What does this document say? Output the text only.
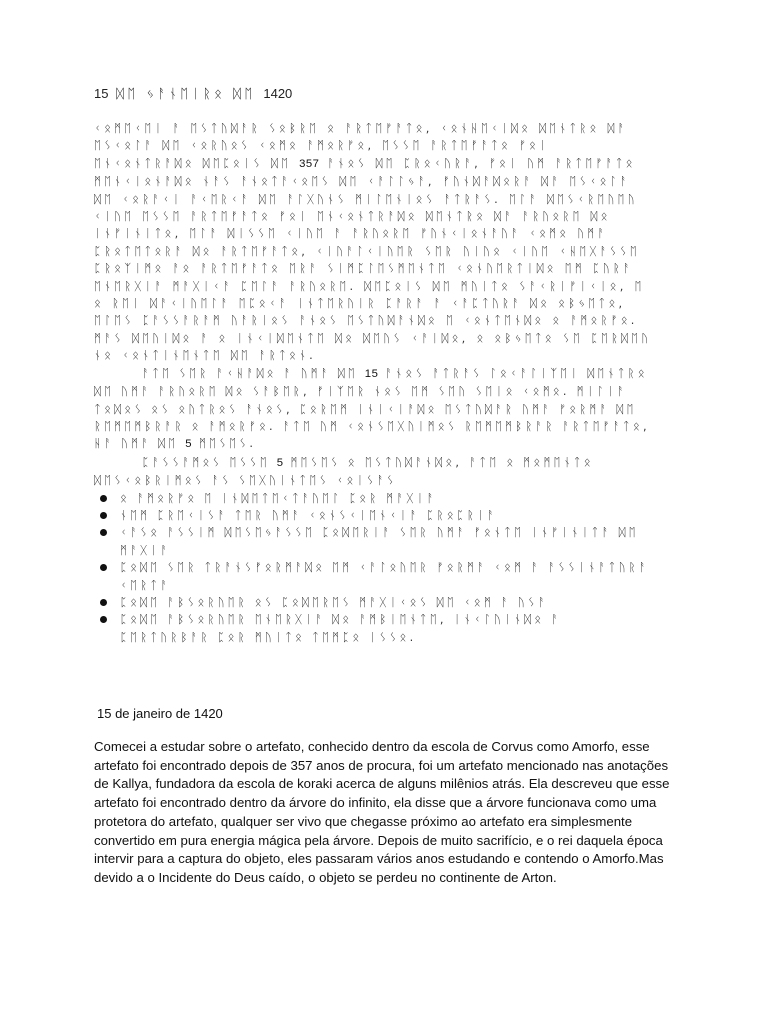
15 ᛞᛖ ᛃᚨᚾᛖᛁᚱᛟ ᛞᛖ 1420

ᚲᛟᛗᛖᚲᛖᛁ ᚨ ᛖᛊᛏᚢᛞᚨᚱ ᛊᛟᛒᚱᛖ ᛟ ᚨᚱᛏᛖᚠᚨᛏᛟ, ᚲᛟᚾᚺᛖᚲᛁᛞᛟ ᛞᛖᚾᛏᚱᛟ ᛞᚨ ᛖᛊᚲᛟᛚᚨ ᛞᛖ ᚲᛟᚱᚢᛟᛊ ᚲᛟᛗᛟ ᚨᛗᛟᚱᚠᛟ, ᛖᛊᛊᛖ ᚨᚱᛏᛖᚠᚨᛏᛟ ᚠᛟᛁ ᛖᚾᚲᛟᚾᛏᚱᚨᛞᛟ ᛞᛖᛈᛟᛁᛊ ᛞᛖ 357 ᚨᚾᛟᛊ ᛞᛖ ᛈᚱᛟᚲᚢᚱᚨ, ᚠᛟᛁ ᚢᛗ ᚨᚱᛏᛖᚠᚨᛏᛟ ᛗᛖᚾᚲᛁᛟᚾᚨᛞᛟ ᚾᚨᛊ ᚨᚾᛟᛏᚨᚲᛟᛖᛊ ᛞᛖ ᚲᚨᛚᛚᛃᚨ, ᚠᚢᚾᛞᚨᛞᛟᚱᚨ ᛞᚨ ᛖᛊᚲᛟᛚᚨ ᛞᛖ ᚲᛟᚱᚨᚲᛁ ᚨᚲᛖᚱᚲᚨ ᛞᛖ ᚨᛚᚷᚢᚾᛊ ᛗᛁᛚᛖᚾᛁᛟᛊ ᚨᛏᚱᚨᛊ. ᛖᛚᚨ ᛞᛖᛊᚲᚱᛖᚢᛖᚢ ᚲᛁᚢᛖ ᛖᛊᛊᛖ ᚨᚱᛏᛖᚠᚨᛏᛟ ᚠᛟᛁ ᛖᚾᚲᛟᚾᛏᚱᚨᛞᛟ ᛞᛖᚾᛏᚱᛟ ᛞᚨ ᚨᚱᚢᛟᚱᛖ ᛞᛟ ᛁᚾᚠᛁᚾᛁᛏᛟ, ᛖᛚᚨ ᛞᛁᛊᛊᛖ ᚲᛁᚢᛖ ᚨ ᚨᚱᚢᛟᚱᛖ ᚠᚢᚾᚲᛁᛟᚾᚨᚢᚨ ᚲᛟᛗᛟ ᚢᛗᚨ ᛈᚱᛟᛏᛖᛏᛟᚱᚨ ᛞᛟ ᚨᚱᛏᛖᚠᚨᛏᛟ, ᚲᛁᚢᚨᛚᚲᛁᚢᛖᚱ ᛊᛖᚱ ᚢᛁᚢᛟ ᚲᛁᚢᛖ ᚲᚺᛖᚷᚨᛊᛊᛖ ᛈᚱᛟᛉᛁᛗᛟ ᚨᛟ ᚨᚱᛏᛖᚠᚨᛏᛟ ᛖᚱᚨ ᛊᛁᛗᛈᛚᛖᛊᛗᛖᚾᛏᛖ ᚲᛟᚾᚢᛖᚱᛏᛁᛞᛟ ᛖᛗ ᛈᚢᚱᚨ ᛖᚾᛖᚱᚷᛁᚨ ᛗᚨᚷᛁᚲᚨ ᛈᛖᛚᚨ ᚨᚱᚢᛟᚱᛖ. ᛞᛖᛈᛟᛁᛊ ᛞᛖ ᛗᚢᛁᛏᛟ ᛊᚨᚲᚱᛁᚠᛁᚲᛁᛟ, ᛖ ᛟ ᚱᛖᛁ ᛞᚨᚲᛁᚢᛖᛚᚨ ᛖᛈᛟᚲᚨ ᛁᚾᛏᛖᚱᚢᛁᚱ ᛈᚨᚱᚨ ᚨ ᚲᚨᛈᛏᚢᚱᚨ ᛞᛟ ᛟᛒᛃᛖᛏᛟ, ᛖᛚᛖᛊ ᛈᚨᛊᛊᚨᚱᚨᛗ ᚢᚨᚱᛁᛟᛊ ᚨᚾᛟᛊ ᛖᛊᛏᚢᛞᚨᚾᛞᛟ ᛖ ᚲᛟᚾᛏᛖᚾᛞᛟ ᛟ ᚨᛗᛟᚱᚠᛟ. ᛗᚨᛊ ᛞᛖᚢᛁᛞᛟ ᚨ ᛟ ᛁᚾᚲᛁᛞᛖᚾᛏᛖ ᛞᛟ ᛞᛖᚢᛊ ᚲᚨᛁᛞᛟ, ᛟ ᛟᛒᛃᛖᛏᛟ ᛊᛖ ᛈᛖᚱᛞᛖᚢ ᚾᛟ ᚲᛟᚾᛏᛁᚾᛖᚾᛏᛖ ᛞᛖ ᚨᚱᛏᛟᚾ.

ᚨᛏᛖ ᛊᛖᚱ ᚨᚲᚺᚨᛞᛟ ᚨ ᚢᛗᚨ ᛞᛖ 15 ᚨᚾᛟᛊ ᚨᛏᚱᚨᛊ ᛚᛟᚲᚨᛚᛁᛉᛖᛁ ᛞᛖᚾᛏᚱᛟ ᛞᛖ ᚢᛗᚨ ᚨᚱᚢᛟᚱᛖ ᛞᛟ ᛊᚨᛒᛖᚱ, ᚠᛁᛉᛖᚱ ᚾᛟᛊ ᛖᛗ ᛊᛖᚢ ᛊᛖᛁᛟ ᚲᛟᛗᛟ. ᛗᛁᛚᛁᚨ ᛏᛟᛞᛟᛊ ᛟᛊ ᛟᚢᛏᚱᛟᛊ ᚨᚾᛟᛊ, ᛈᛟᚱᛖᛗ ᛁᚾᛁᚲᛁᚨᛞᛟ ᛖᛊᛏᚢᛞᚨᚱ ᚢᛗᚨ ᚠᛟᚱᛗᚨ ᛞᛖ ᚱᛖᛗᛖᛗᛒᚱᚨᚱ ᛟ ᚨᛗᛟᚱᚠᛟ. ᚨᛏᛖ ᚢᛗ ᚲᛟᚾᛊᛖᚷᚢᛁᛗᛟᛊ ᚱᛖᛗᛖᛗᛒᚱᚨᚱ ᚨᚱᛏᛖᚠᚨᛏᛟ, ᚺᚨ ᚢᛗᚨ ᛞᛖ 5 ᛗᛖᛊᛖᛊ.

ᛈᚨᛊᛊᚨᛗᛟᛊ ᛖᛊᛊᛖ 5 ᛗᛖᛊᛖᛊ ᛟ ᛖᛊᛏᚢᛞᚨᚾᛞᛟ, ᚨᛏᛖ ᛟ ᛗᛟᛗᛖᚾᛏᛟ ᛞᛖᛊᚲᛟᛒᚱᛁᛗᛟᛊ ᚨᛊ ᛊᛖᚷᚢᛁᚾᛏᛖᛊ ᚲᛟᛁᛊᚨᛊ

ᛟ ᚨᛗᛟᚱᚠᛟ ᛖ ᛁᚾᛞᛖᛏᛖᚲᛏᚨᚢᛖᛚ ᛈᛟᚱ ᛗᚨᚷᛁᚨ
ᚾᛖᛗ ᛈᚱᛖᚲᛁᛊᚨ ᛏᛖᚱ ᚢᛗᚨ ᚲᛟᚾᛊᚲᛁᛖᚾᚲᛁᚨ ᛈᚱᛟᛈᚱᛁᚨ
ᚲᚨᛊᛟ ᚨᛊᛊᛁᛗ ᛞᛖᛊᛖᛃᚨᛊᛊᛖ ᛈᛟᛞᛖᚱᛁᚨ ᛊᛖᚱ ᚢᛗᚨ ᚠᛟᚾᛏᛖ ᛁᚾᚠᛁᚾᛁᛏᚨ ᛞᛖ ᛗᚨᚷᛁᚨ
ᛈᛟᛞᛖ ᛊᛖᚱ ᛏᚱᚨᚾᛊᚠᛟᚱᛗᚨᛞᛟ ᛖᛗ ᚲᚨᛚᛟᚢᛖᚱ ᚠᛟᚱᛗᚨ ᚲᛟᛗ ᚨ ᚨᛊᛊᛁᚾᚨᛏᚢᚱᚨ ᚲᛖᚱᛏᚨ
ᛈᛟᛞᛖ ᚨᛒᛊᛟᚱᚢᛖᚱ ᛟᛊ ᛈᛟᛞᛖᚱᛖᛊ ᛗᚨᚷᛁᚲᛟᛊ ᛞᛖ ᚲᛟᛗ ᚨ ᚢᛊᚨ
ᛈᛟᛞᛖ ᚨᛒᛊᛟᚱᚢᛖᚱ ᛖᚾᛖᚱᚷᛁᚨ ᛞᛟ ᚨᛗᛒᛁᛖᚾᛏᛖ, ᛁᚾᚲᛚᚢᛁᚾᛞᛟ ᚨ ᛈᛖᚱᛏᚢᚱᛒᚨᚱ ᛈᛟᚱ ᛗᚢᛁᛏᛟ ᛏᛖᛗᛈᛟ ᛁᛊᛊᛟ.

15 de janeiro de 1420

Comecei a estudar sobre o artefato, conhecido dentro da escola de Corvus como Amorfo, esse artefato foi encontrado depois de 357 anos de procura, foi um artefato mencionado nas anotações de Kallya, fundadora da escola de koraki acerca de alguns milênios atrás. Ela descreveu que esse artefato foi encontrado dentro da árvore do infinito, ela disse que a árvore funcionava como uma protetora do artefato, qualquer ser vivo que chegasse próximo ao artefato era simplesmente convertido em pura energia mágica pela árvore. Depois de muito sacrifício, e o rei daquela época intervir para a captura do objeto, eles passaram vários anos estudando e contendo o Amorfo.Mas devido a o Incidente do Deus caído, o objeto se perdeu no continente de Arton.
